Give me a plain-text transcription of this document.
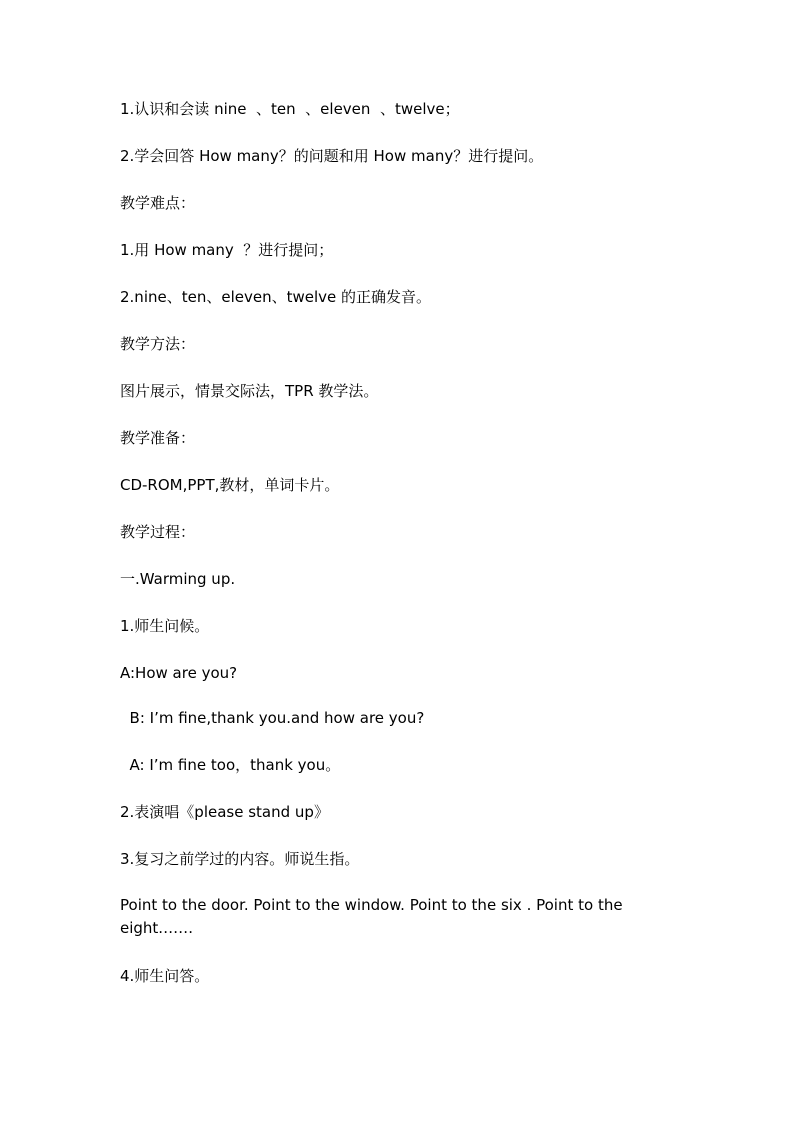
1.认识和会读 nine  、ten  、eleven  、twelve；
2.学会回答 How many？的问题和用 How many？进行提问。
教学难点：
1.用 How many  ？进行提问；
2.nine、ten、eleven、twelve 的正确发音。
教学方法：
图片展示，情景交际法，TPR 教学法。
教学准备：
CD-ROM,PPT,教材，单词卡片。
教学过程：
一.Warming up.
1.师生问候。
A:How are you?
B: I’m fine,thank you.and how are you?
A: I’m fine too，thank you。
2.表演唱《please stand up》
3.复习之前学过的内容。师说生指。
Point to the door. Point to the window. Point to the six . Point to the eight.……
4.师生问答。
